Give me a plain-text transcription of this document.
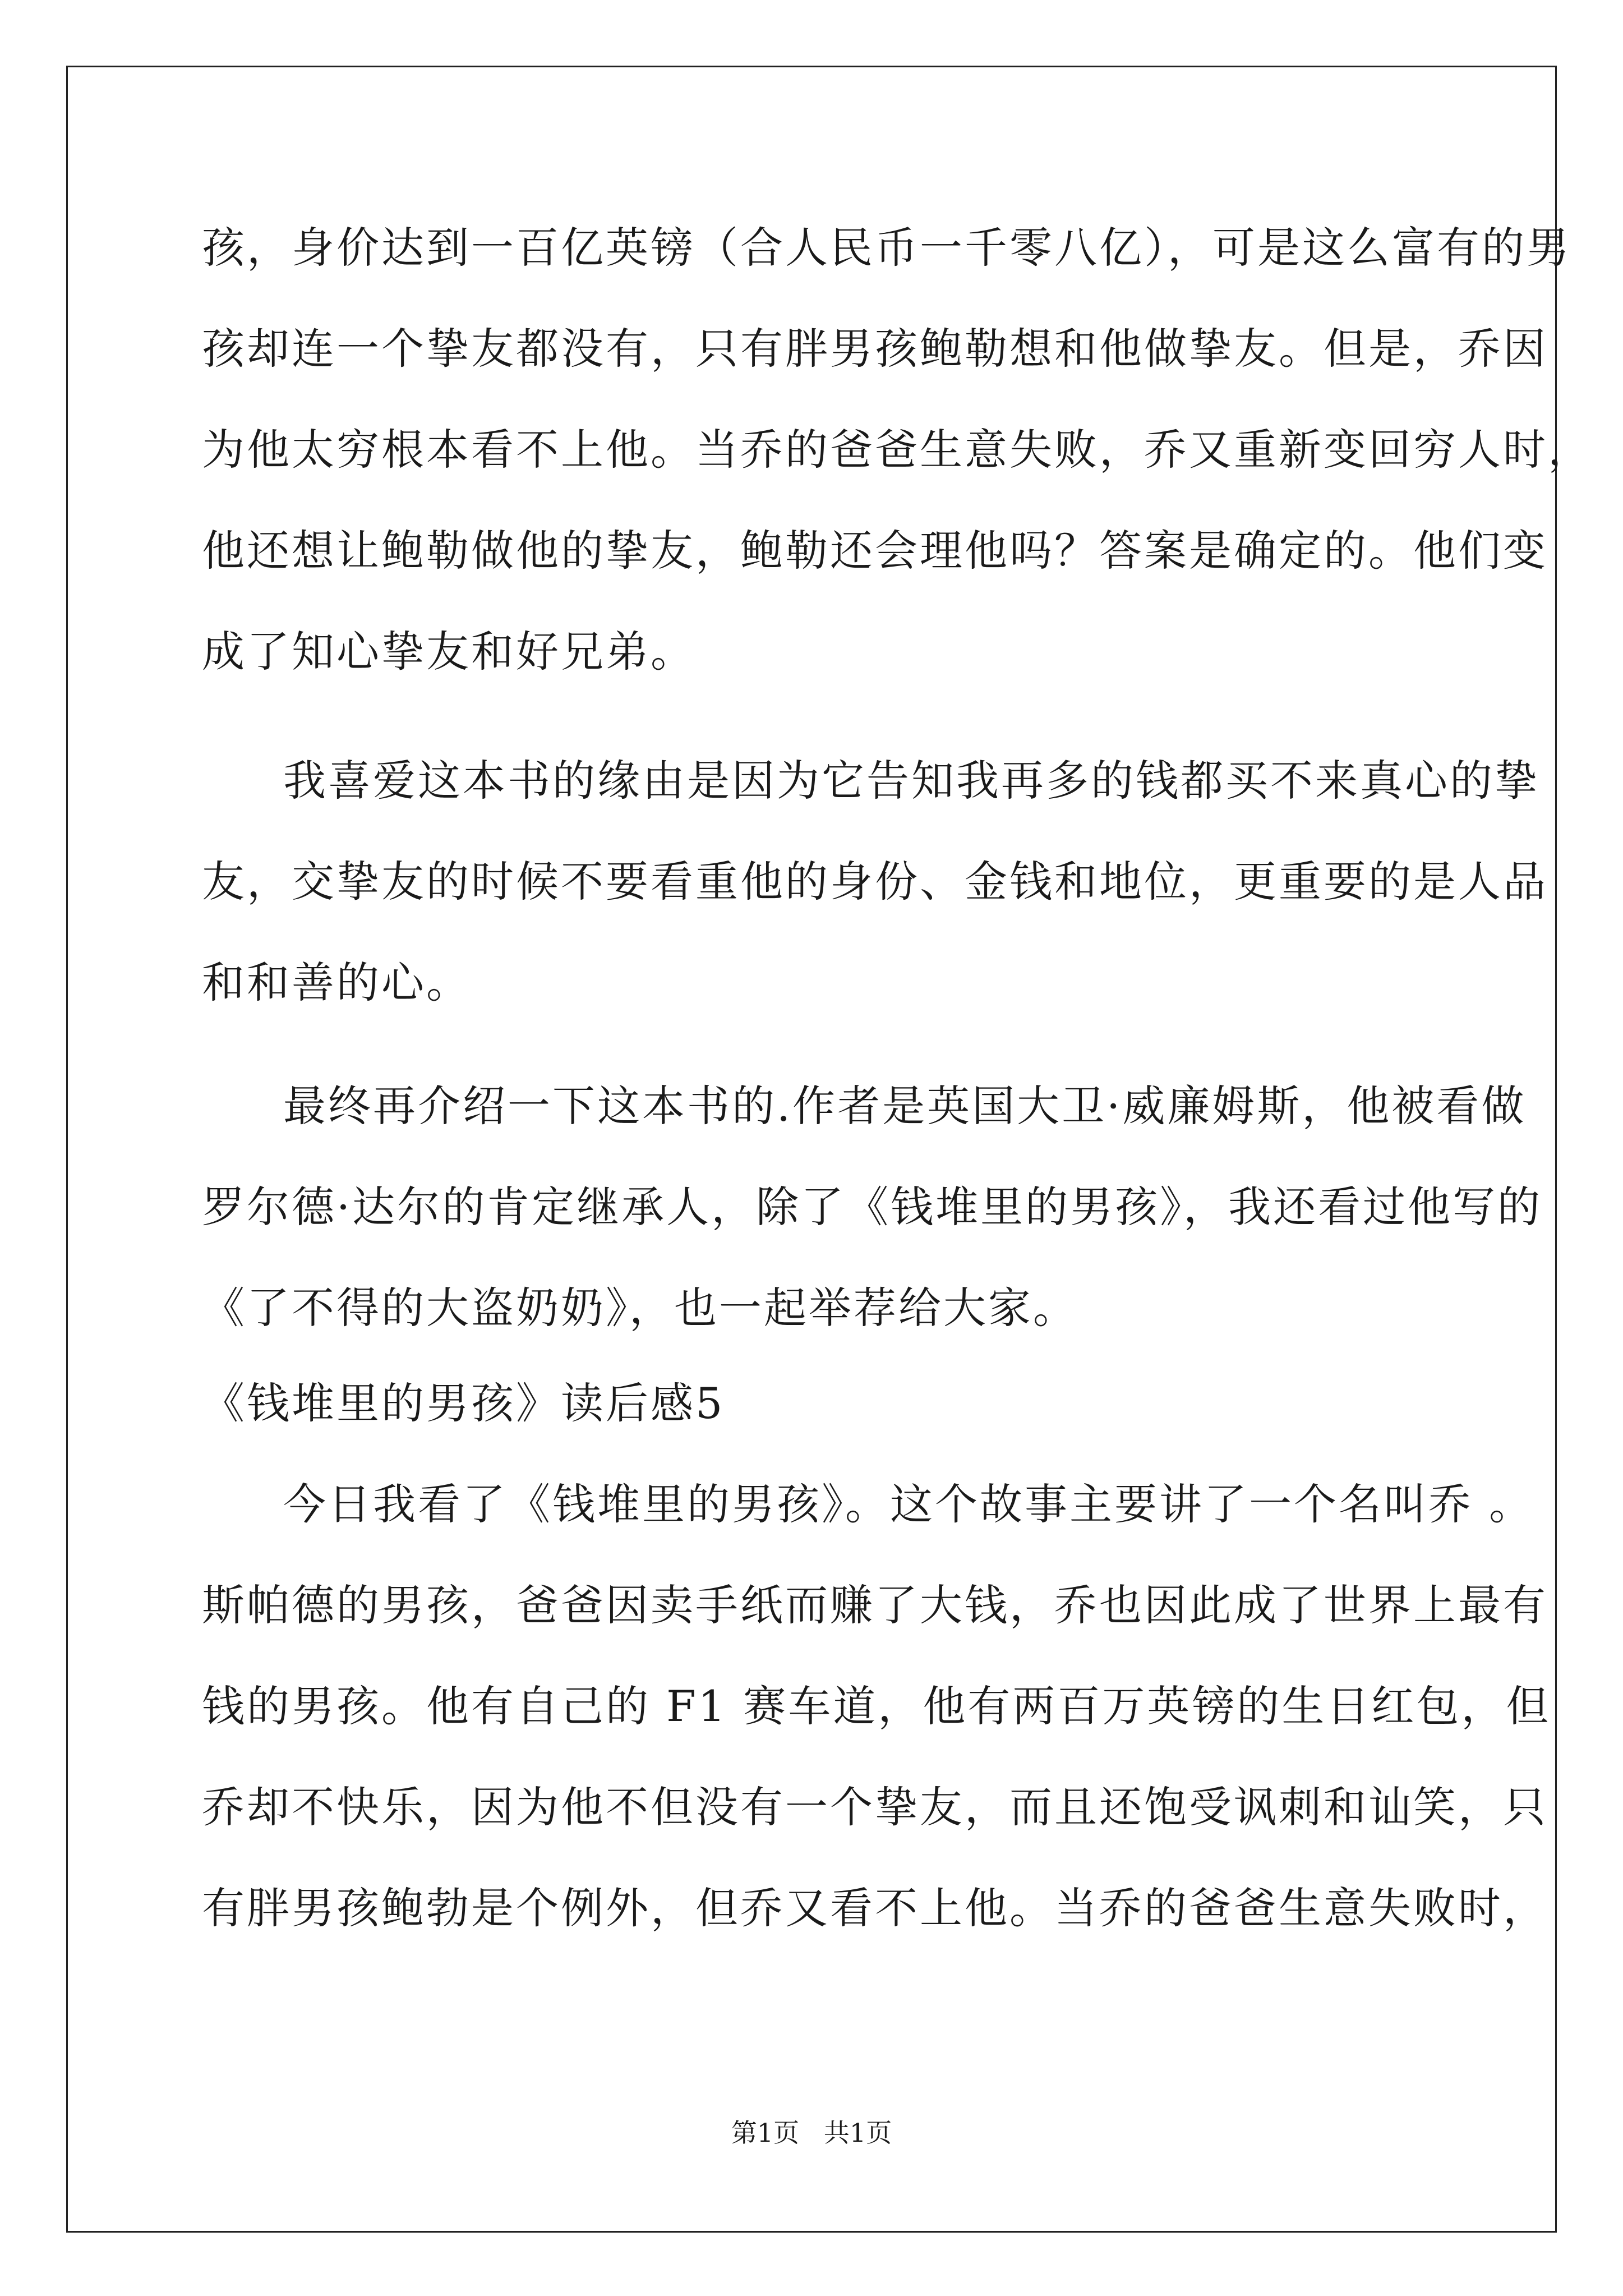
孩，身价达到一百亿英镑（合人民币一千零八亿），可是这么富有的男
孩却连一个挚友都没有，只有胖男孩鲍勒想和他做挚友。但是，乔因
为他太穷根本看不上他。当乔的爸爸生意失败，乔又重新变回穷人时，
他还想让鲍勒做他的挚友，鲍勒还会理他吗？答案是确定的。他们变
成了知心挚友和好兄弟。
我喜爱这本书的缘由是因为它告知我再多的钱都买不来真心的挚
友，交挚友的时候不要看重他的身份、金钱和地位，更重要的是人品
和和善的心。
最终再介绍一下这本书的.作者是英国大卫·威廉姆斯，他被看做
罗尔德·达尔的肯定继承人，除了《钱堆里的男孩》，我还看过他写的
《了不得的大盗奶奶》，也一起举荐给大家。
《钱堆里的男孩》读后感5
今日我看了《钱堆里的男孩》。这个故事主要讲了一个名叫乔 。
斯帕德的男孩，爸爸因卖手纸而赚了大钱，乔也因此成了世界上最有
钱的男孩。他有自己的 F1 赛车道，他有两百万英镑的生日红包，但
乔却不快乐，因为他不但没有一个挚友，而且还饱受讽刺和讪笑，只
有胖男孩鲍勃是个例外，但乔又看不上他。当乔的爸爸生意失败时，
第1页   共1页
